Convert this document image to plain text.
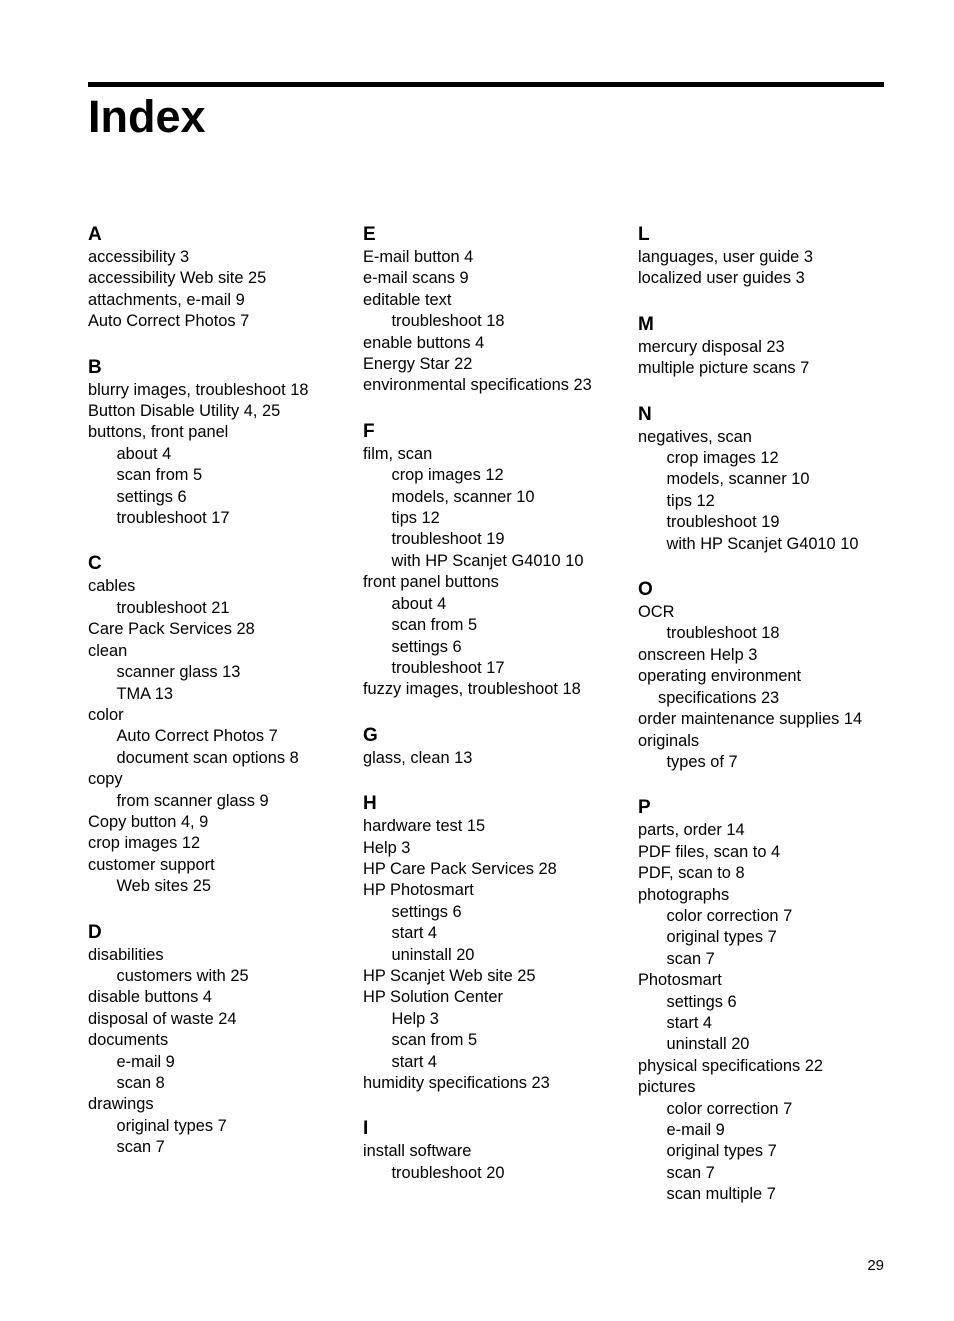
Index
A
accessibility 3
accessibility Web site 25
attachments, e-mail 9
Auto Correct Photos 7
B
blurry images, troubleshoot 18
Button Disable Utility 4, 25
buttons, front panel
about 4
scan from 5
settings 6
troubleshoot 17
C
cables
troubleshoot 21
Care Pack Services 28
clean
scanner glass 13
TMA 13
color
Auto Correct Photos 7
document scan options 8
copy
from scanner glass 9
Copy button 4, 9
crop images 12
customer support
Web sites 25
D
disabilities
customers with 25
disable buttons 4
disposal of waste 24
documents
e-mail 9
scan 8
drawings
original types 7
scan 7
E
E-mail button 4
e-mail scans 9
editable text
troubleshoot 18
enable buttons 4
Energy Star 22
environmental specifications 23
F
film, scan
crop images 12
models, scanner 10
tips 12
troubleshoot 19
with HP Scanjet G4010 10
front panel buttons
about 4
scan from 5
settings 6
troubleshoot 17
fuzzy images, troubleshoot 18
G
glass, clean 13
H
hardware test 15
Help 3
HP Care Pack Services 28
HP Photosmart
settings 6
start 4
uninstall 20
HP Scanjet Web site 25
HP Solution Center
Help 3
scan from 5
start 4
humidity specifications 23
I
install software
troubleshoot 20
L
languages, user guide 3
localized user guides 3
M
mercury disposal 23
multiple picture scans 7
N
negatives, scan
crop images 12
models, scanner 10
tips 12
troubleshoot 19
with HP Scanjet G4010 10
O
OCR
troubleshoot 18
onscreen Help 3
operating environment
specifications 23
order maintenance supplies 14
originals
types of 7
P
parts, order 14
PDF files, scan to 4
PDF, scan to 8
photographs
color correction 7
original types 7
scan 7
Photosmart
settings 6
start 4
uninstall 20
physical specifications 22
pictures
color correction 7
e-mail 9
original types 7
scan 7
scan multiple 7
29
